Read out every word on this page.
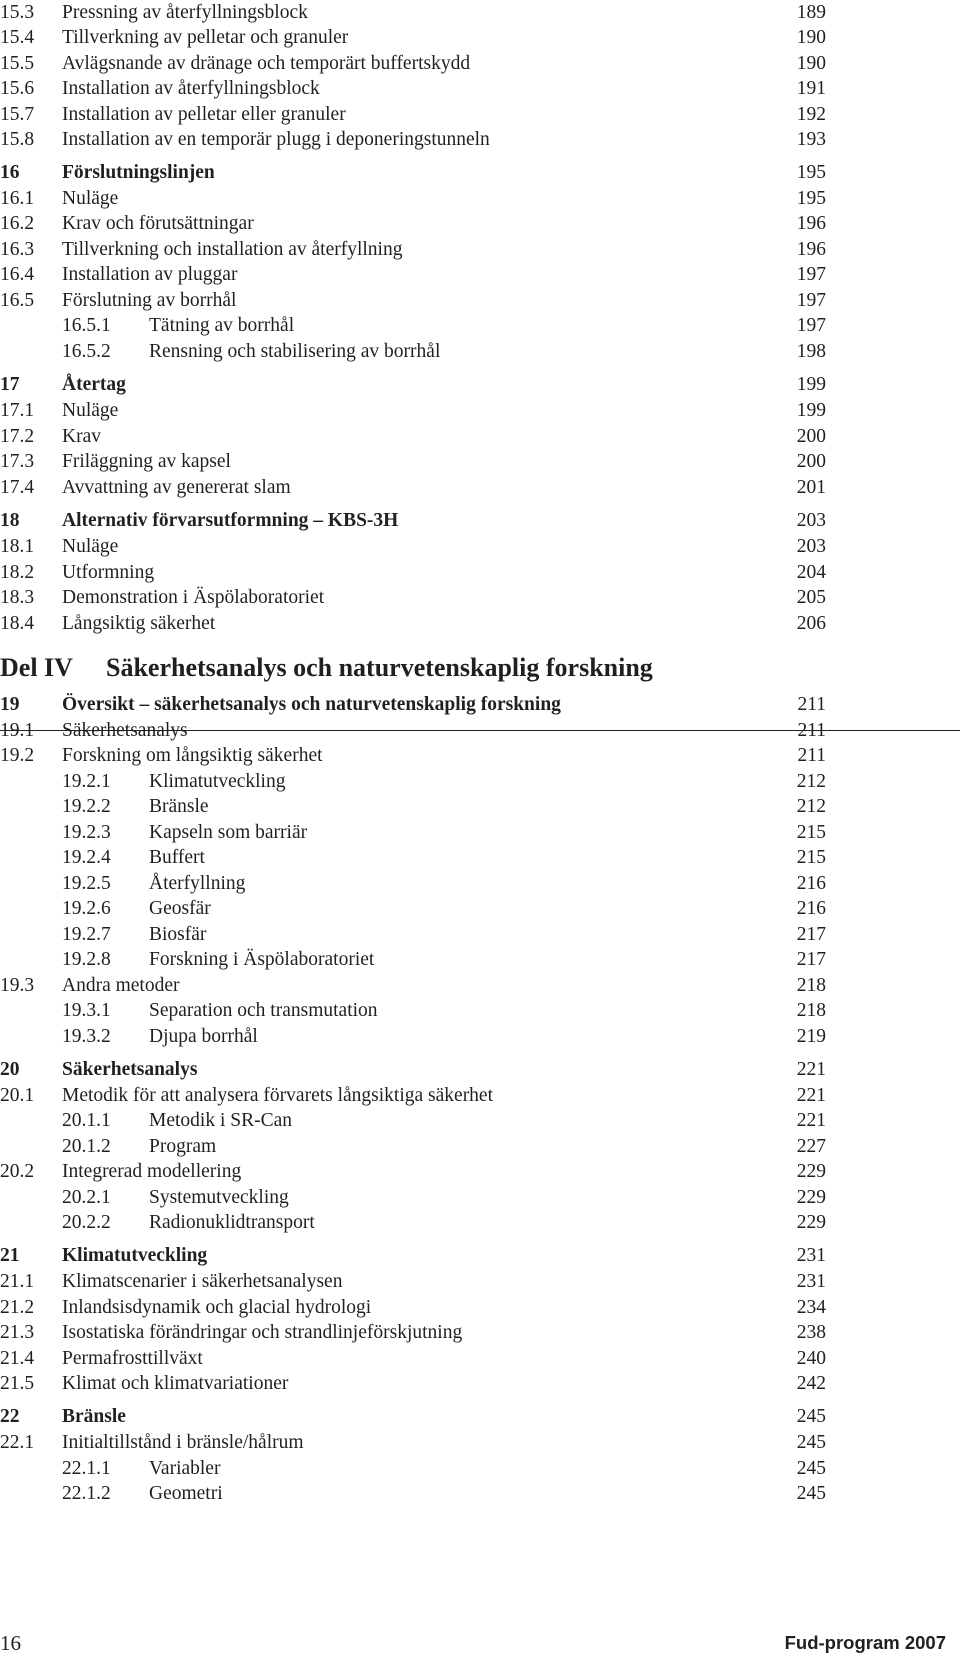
15.3 Pressning av återfyllningsblock	189
15.4 Tillverkning av pelletar och granuler	190
15.5 Avlägsnande av dränage och temporärt buffertskydd	190
15.6 Installation av återfyllningsblock	191
15.7 Installation av pelletar eller granuler	192
15.8 Installation av en temporär plugg i deponeringstunneln	193
16 Förslutningslinjen	195
16.1 Nuläge	195
16.2 Krav och förutsättningar	196
16.3 Tillverkning och installation av återfyllning	196
16.4 Installation av pluggar	197
16.5 Förslutning av borrhål	197
16.5.1 Tätning av borrhål	197
16.5.2 Rensning och stabilisering av borrhål	198
17 Återtag	199
17.1 Nuläge	199
17.2 Krav	200
17.3 Friläggning av kapsel	200
17.4 Avvattning av genererat slam	201
18 Alternativ förvarsutformning – KBS-3H	203
18.1 Nuläge	203
18.2 Utformning	204
18.3 Demonstration i Äspölaboratoriet	205
18.4 Långsiktig säkerhet	206
19 Översikt – säkerhetsanalys och naturvetenskaplig forskning	211
19.1 Säkerhetsanalys	211
19.2 Forskning om långsiktig säkerhet	211
19.2.1 Klimatutveckling	212
19.2.2 Bränsle	212
19.2.3 Kapseln som barriär	215
19.2.4 Buffert	215
19.2.5 Återfyllning	216
19.2.6 Geosfär	216
19.2.7 Biosfär	217
19.2.8 Forskning i Äspölaboratoriet	217
19.3 Andra metoder	218
19.3.1 Separation och transmutation	218
19.3.2 Djupa borrhål	219
20 Säkerhetsanalys	221
20.1 Metodik för att analysera förvarets långsiktiga säkerhet	221
20.1.1 Metodik i SR-Can	221
20.1.2 Program	227
20.2 Integrerad modellering	229
20.2.1 Systemutveckling	229
20.2.2 Radionuklidtransport	229
21 Klimatutveckling	231
21.1 Klimatscenarier i säkerhetsanalysen	231
21.2 Inlandsisdynamik och glacial hydrologi	234
21.3 Isostatiska förändringar och strandlinjeförskjutning	238
21.4 Permafrosttillväxt	240
21.5 Klimat och klimatvariationer	242
22 Bränsle	245
22.1 Initialtillstånd i bränsle/hålrum	245
22.1.1 Variabler	245
22.1.2 Geometri	245
Del IV Säkerhetsanalys och naturvetenskaplig forskning
16	Fud-program 2007
